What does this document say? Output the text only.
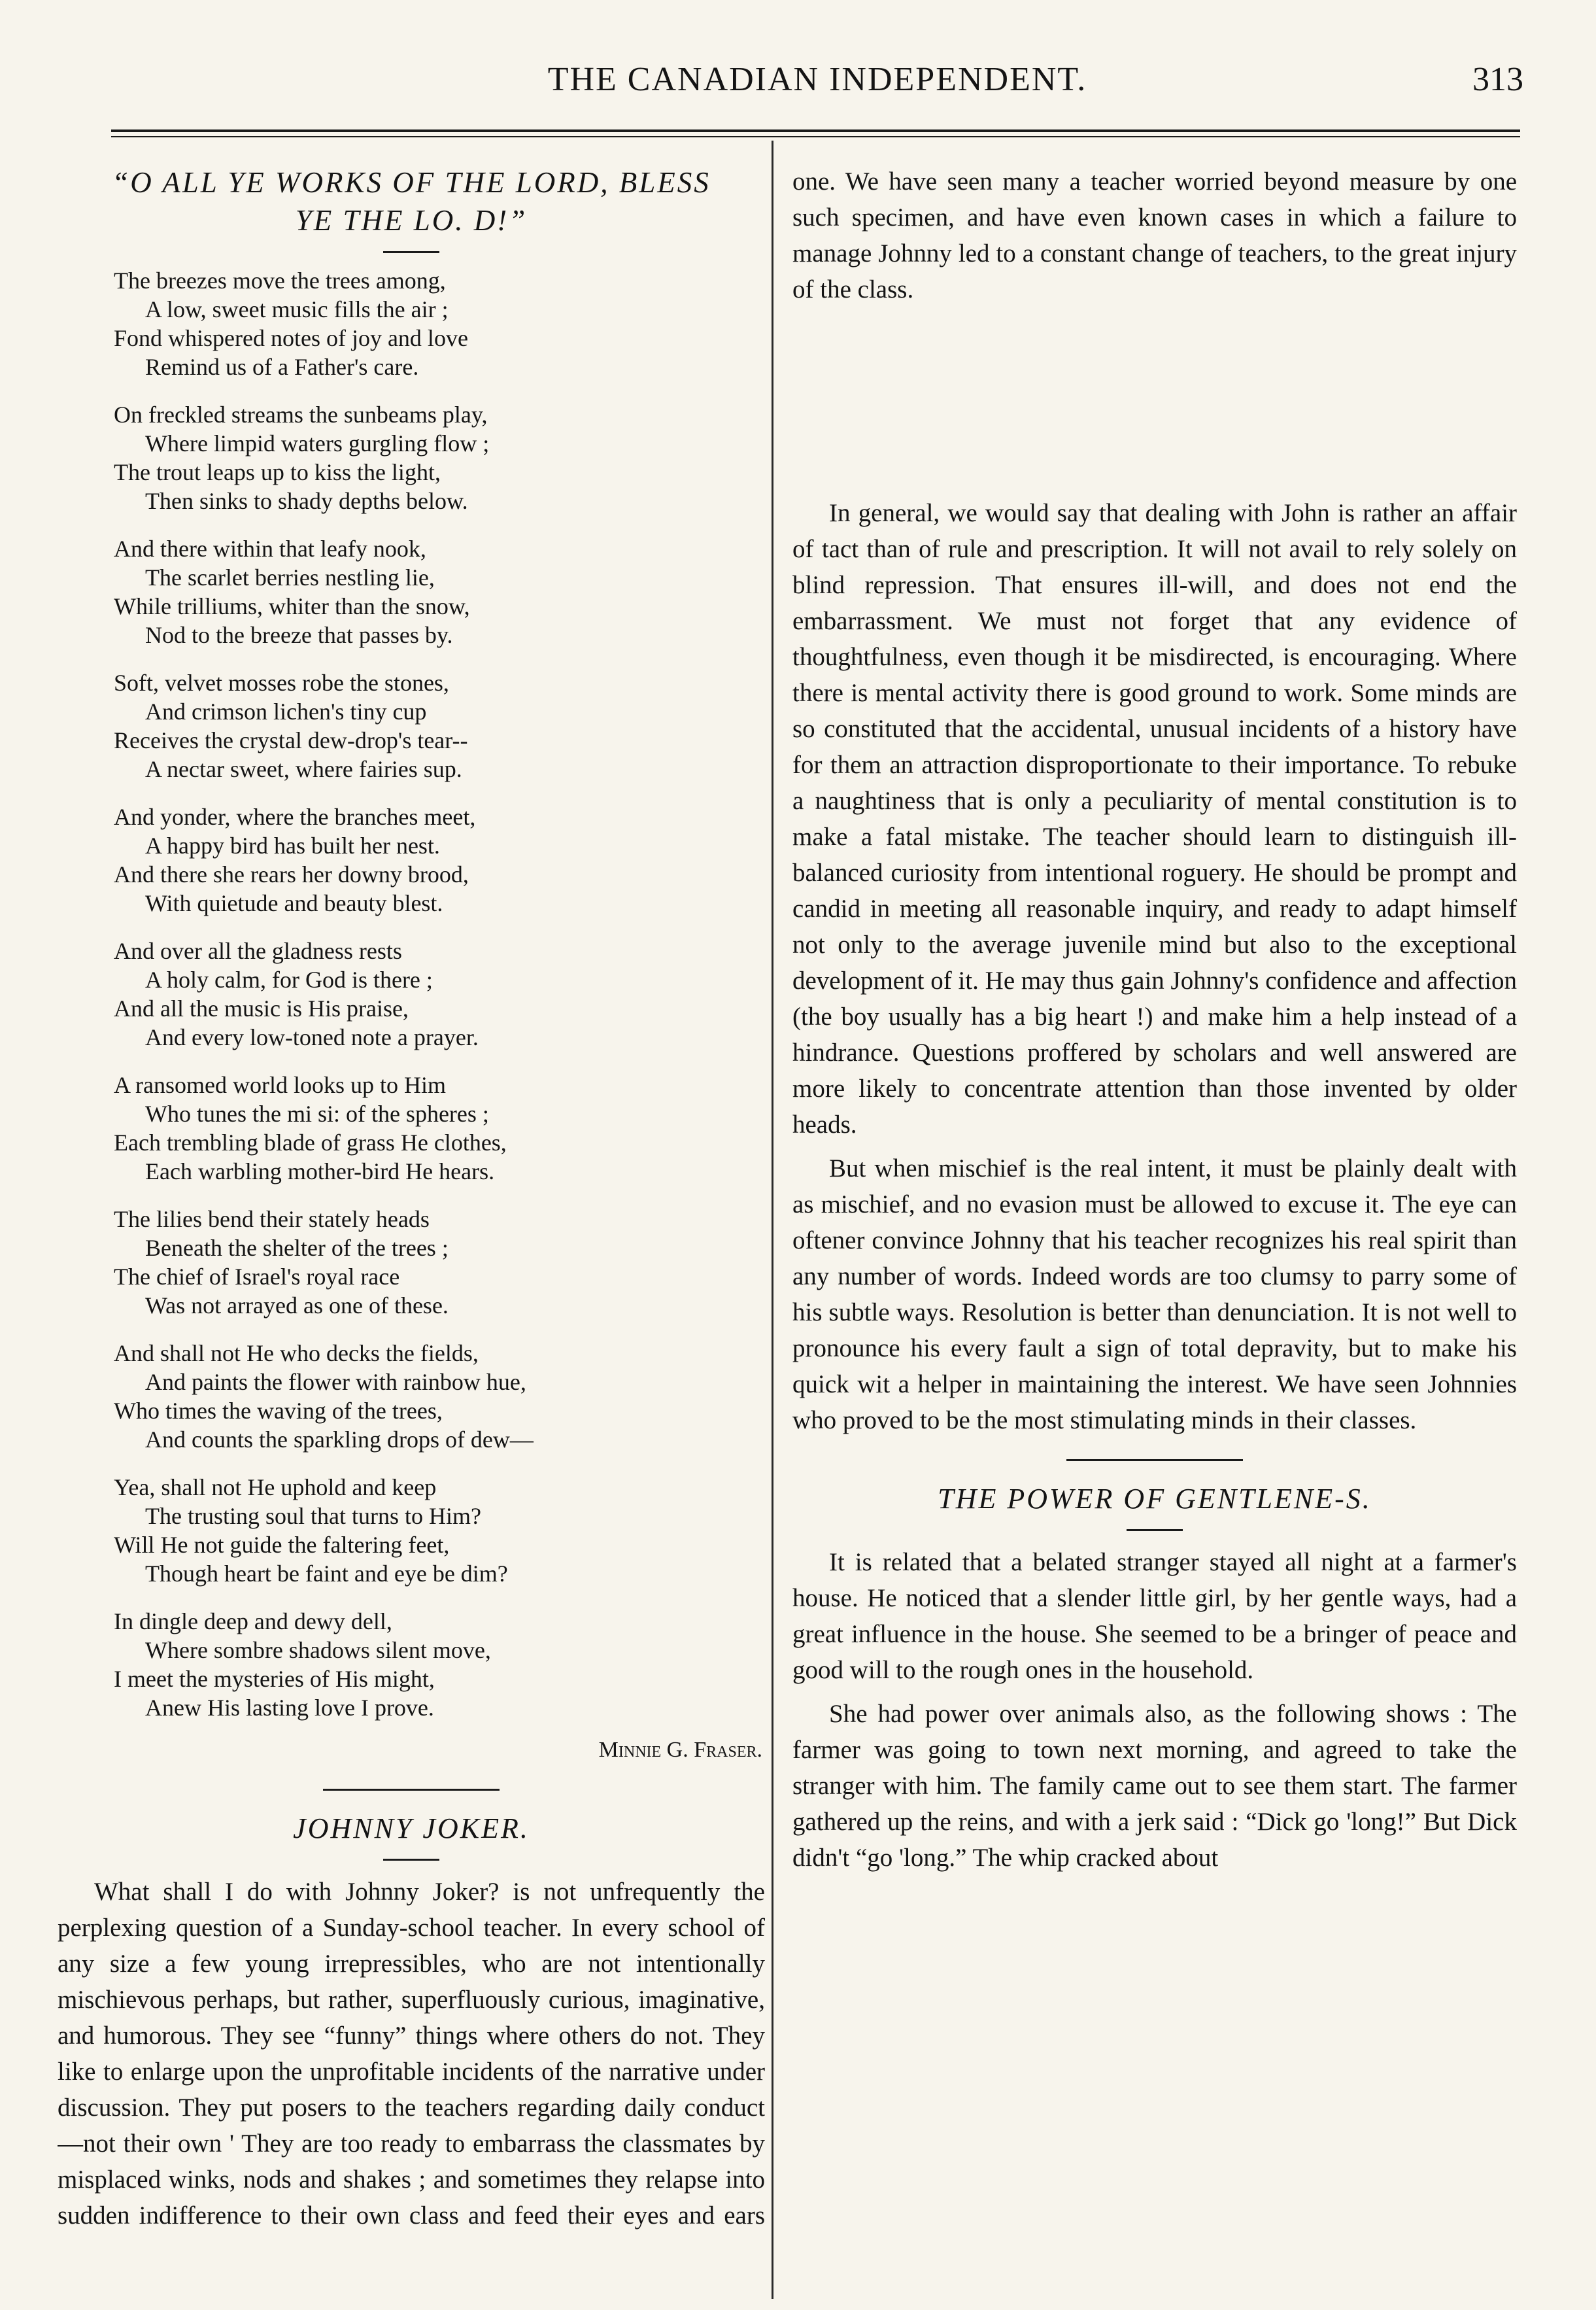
THE CANADIAN INDEPENDENT.	313
“O ALL YE WORKS OF THE LORD, BLESS
YE THE LO. D!”
The breezes move the trees among,
A low, sweet music fills the air ;
Fond whispered notes of joy and love
Remind us of a Father's care.
On freckled streams the sunbeams play,
Where limpid waters gurgling flow ;
The trout leaps up to kiss the light,
Then sinks to shady depths below.
And there within that leafy nook,
The scarlet berries nestling lie,
While trilliums, whiter than the snow,
Nod to the breeze that passes by.
Soft, velvet mosses robe the stones,
And crimson lichen's tiny cup
Receives the crystal dew-drop's tear--
A nectar sweet, where fairies sup.
And yonder, where the branches meet,
A happy bird has built her nest.
And there she rears her downy brood,
With quietude and beauty blest.
And over all the gladness rests
A holy calm, for God is there ;
And all the music is His praise,
And every low-toned note a prayer.
A ransomed world looks up to Him
Who tunes the mi si: of the spheres ;
Each trembling blade of grass He clothes,
Each warbling mother-bird He hears.
The lilies bend their stately heads
Beneath the shelter of the trees ;
The chief of Israel's royal race
Was not arrayed as one of these.
And shall not He who decks the fields,
And paints the flower with rainbow hue,
Who times the waving of the trees,
And counts the sparkling drops of dew—
Yea, shall not He uphold and keep
The trusting soul that turns to Him?
Will He not guide the faltering feet,
Though heart be faint and eye be dim?
In dingle deep and dewy dell,
Where sombre shadows silent move,
I meet the mysteries of His might,
Anew His lasting love I prove.
Minnie G. Fraser.
JOHNNY JOKER.

What shall I do with Johnny Joker? is not unfrequently the perplexing question of a Sunday-school teacher. In every school of any size a few young irrepressibles, who are not intentionally mischievous perhaps, but rather, superfluously curious, imaginative, and humorous. They see “funny” things where others do not. They like to enlarge upon the unprofitable incidents of the narrative under discussion. They put posers to the teachers regarding daily conduct—not their own ' They are too ready to embarrass the classmates by misplaced winks, nods and shakes ; and sometimes they relapse into sudden indifference to their own class and feed their eyes and ears

one. We have seen many a teacher worried beyond measure by one such specimen, and have even known cases in which a failure to manage Johnny led to a constant change of teachers, to the great injury of the class.

In general, we would say that dealing with John is rather an affair of tact than of rule and prescription. It will not avail to rely solely on blind repression. That ensures ill-will, and does not end the embarrassment. We must not forget that any evidence of thoughtfulness, even though it be misdirected, is encouraging. Where there is mental activity there is good ground to work. Some minds are so constituted that the accidental, unusual incidents of a history have for them an attraction disproportionate to their importance. To rebuke a naughtiness that is only a peculiarity of mental constitution is to make a fatal mistake. The teacher should learn to distinguish ill-balanced curiosity from intentional roguery. He should be prompt and candid in meeting all reasonable inquiry, and ready to adapt himself not only to the average juvenile mind but also to the exceptional development of it. He may thus gain Johnny's confidence and affection (the boy usually has a big heart !) and make him a help instead of a hindrance. Questions proffered by scholars and well answered are more likely to concentrate attention than those invented by older heads.

But when mischief is the real intent, it must be plainly dealt with as mischief, and no evasion must be allowed to excuse it. The eye can oftener convince Johnny that his teacher recognizes his real spirit than any number of words. Indeed words are too clumsy to parry some of his subtle ways. Resolution is better than denunciation. It is not well to pronounce his every fault a sign of total depravity, but to make his quick wit a helper in maintaining the interest. We have seen Johnnies who proved to be the most stimulating minds in their classes.

THE POWER OF GENTLENE-S.

It is related that a belated stranger stayed all night at a farmer's house. He noticed that a slender little girl, by her gentle ways, had a great influence in the house. She seemed to be a bringer of peace and good will to the rough ones in the household.

She had power over animals also, as the following shows : The farmer was going to town next morning, and agreed to take the stranger with him. The family came out to see them start. The farmer gathered up the reins, and with a jerk said : “Dick go 'long!” But Dick didn't “go 'long.” The whip cracked about
